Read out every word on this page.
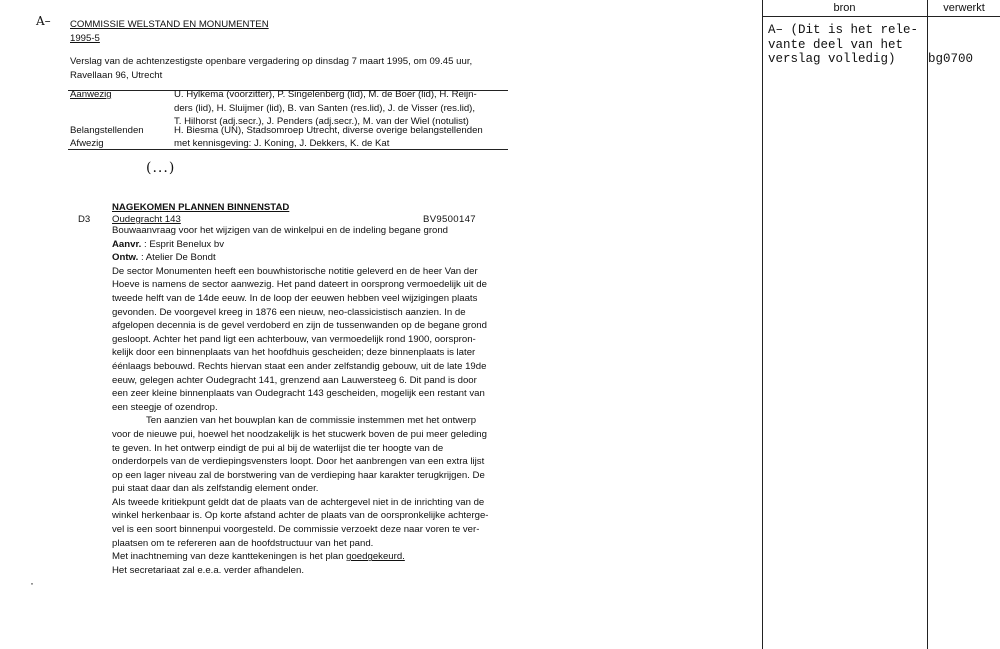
A–
·
COMMISSIE WELSTAND EN MONUMENTEN
1995-5
Verslag van de achtenzestigste openbare vergadering op dinsdag 7 maart 1995, om 09.45 uur,
Ravellaan 96, Utrecht
Aanwezig	U. Hylkema (voorzitter), P. Singelenberg (lid), M. de Boer (lid), H. Reijn-
ders (lid), H. Sluijmer (lid), B. van Santen (res.lid), J. de Visser (res.lid),
T. Hilhorst (adj.secr.), J. Penders (adj.secr.), M. van der Wiel (notulist)
Belangstellenden	H. Biesma (UN), Stadsomroep Utrecht, diverse overige belangstellenden
Afwezig	met kennisgeving: J. Koning, J. Dekkers, K. de Kat
(...)
NAGEKOMEN PLANNEN BINNENSTAD
D3 Oudegracht 143	BV9500147
Bouwaanvraag voor het wijzigen van de winkelpui en de indeling begane grond
Aanvr. : Esprit Benelux bv
Ontw. : Atelier De Bondt
De sector Monumenten heeft een bouwhistorische notitie geleverd en de heer Van der
Hoeve is namens de sector aanwezig. Het pand dateert in oorsprong vermoedelijk uit de
tweede helft van de 14de eeuw. In de loop der eeuwen hebben veel wijzigingen plaats
gevonden. De voorgevel kreeg in 1876 een nieuw, neo-classicistisch aanzien. In de
afgelopen decennia is de gevel verdoberd en zijn de tussenwanden op de begane grond
gesloopt. Achter het pand ligt een achterbouw, van vermoedelijk rond 1900, oorspron-
kelijk door een binnenplaats van het hoofdhuis gescheiden; deze binnenplaats is later
éénlaags bebouwd. Rechts hiervan staat een ander zelfstandig gebouw, uit de late 19de
eeuw, gelegen achter Oudegracht 141, grenzend aan Lauwersteeg 6. Dit pand is door
een zeer kleine binnenplaats van Oudegracht 143 gescheiden, mogelijk een restant van
een steegje of ozendrop.
Ten aanzien van het bouwplan kan de commissie instemmen met het ontwerp
voor de nieuwe pui, hoewel het noodzakelijk is het stucwerk boven de pui meer geleding
te geven. In het ontwerp eindigt de pui al bij de waterlijst die ter hoogte van de
onderdorpels van de verdiepingsvensters loopt. Door het aanbrengen van een extra lijst
op een lager niveau zal de borstwering van de verdieping haar karakter terugkrijgen. De
pui staat daar dan als zelfstandig element onder.
Als tweede kritiekpunt geldt dat de plaats van de achtergevel niet in de inrichting van de
winkel herkenbaar is. Op korte afstand achter de plaats van de oorspronkelijke achterge-
vel is een soort binnenpui voorgesteld. De commissie verzoekt deze naar voren te ver-
plaatsen om te refereren aan de hoofdstructuur van het pand.
Met inachtneming van deze kanttekeningen is het plan goedgekeurd.
Het secretariaat zal e.e.a. verder afhandelen.
bron	verwerkt
A– (Dit is het rele-
vante deel van het
verslag volledig)	bg0700
